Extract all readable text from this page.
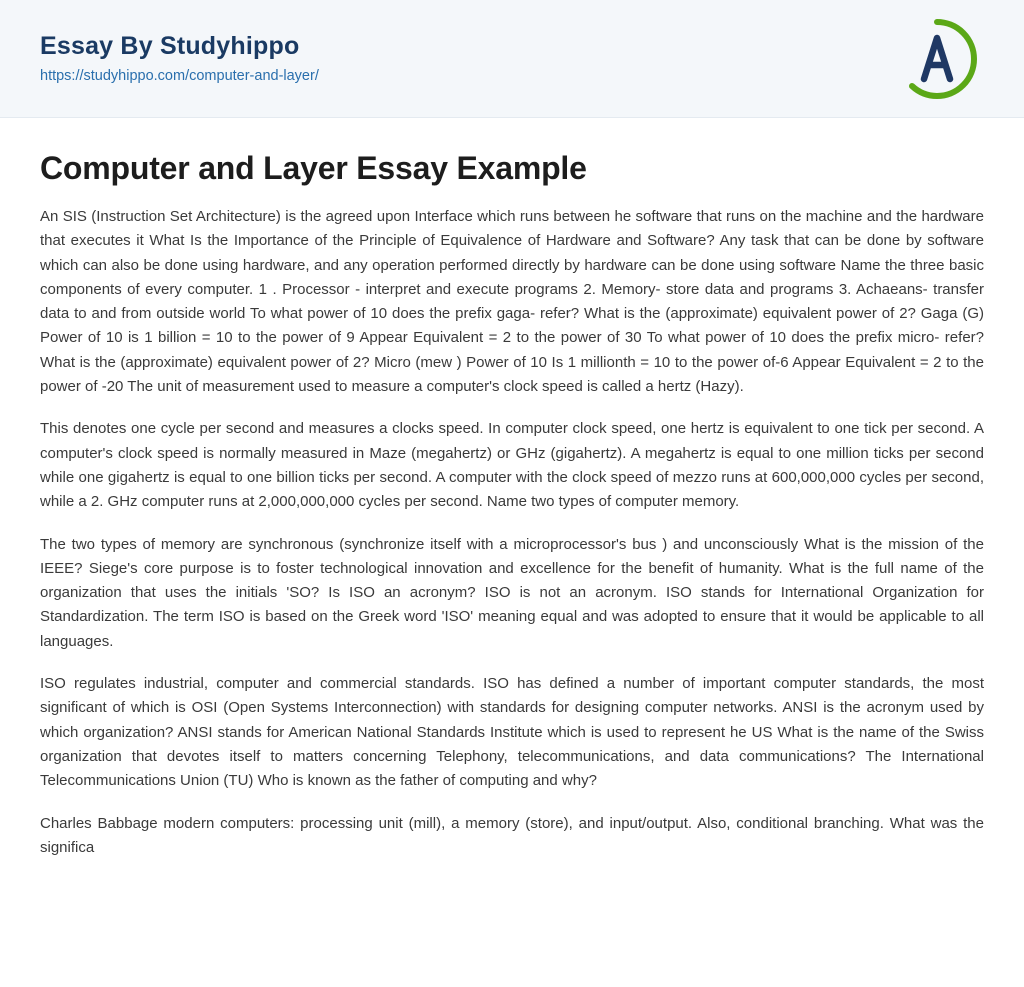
Essay By Studyhippo
https://studyhippo.com/computer-and-layer/
Computer and Layer Essay Example

An SIS (Instruction Set Architecture) is the agreed upon Interface which runs between he software that runs on the machine and the hardware that executes it What Is the Importance of the Principle of Equivalence of Hardware and Software? Any task that can be done by software which can also be done using hardware, and any operation performed directly by hardware can be done using software Name the three basic components of every computer. 1 . Processor - interpret and execute programs 2. Memory- store data and programs 3. Achaeans- transfer data to and from outside world To what power of 10 does the prefix gaga- refer? What is the (approximate) equivalent power of 2? Gaga (G) Power of 10 is 1 billion = 10 to the power of 9 Appear Equivalent = 2 to the power of 30 To what power of 10 does the prefix micro- refer? What is the (approximate) equivalent power of 2? Micro (mew ) Power of 10 Is 1 millionth = 10 to the power of-6 Appear Equivalent = 2 to the power of -20 The unit of measurement used to measure a computer's clock speed is called a hertz (Hazy).

This denotes one cycle per second and measures a clocks speed. In computer clock speed, one hertz is equivalent to one tick per second. A computer's clock speed is normally measured in Maze (megahertz) or GHz (gigahertz). A megahertz is equal to one million ticks per second while one gigahertz is equal to one billion ticks per second. A computer with the clock speed of mezzo runs at 600,000,000 cycles per second, while a 2. GHz computer runs at 2,000,000,000 cycles per second. Name two types of computer memory.

The two types of memory are synchronous (synchronize itself with a microprocessor's bus ) and unconsciously What is the mission of the IEEE? Siege's core purpose is to foster technological innovation and excellence for the benefit of humanity. What is the full name of the organization that uses the initials 'SO? Is ISO an acronym? ISO is not an acronym. ISO stands for International Organization for Standardization. The term ISO is based on the Greek word 'ISO' meaning equal and was adopted to ensure that it would be applicable to all languages.

ISO regulates industrial, computer and commercial standards. ISO has defined a number of important computer standards, the most significant of which is OSI (Open Systems Interconnection) with standards for designing computer networks. ANSI is the acronym used by which organization? ANSI stands for American National Standards Institute which is used to represent he US What is the name of the Swiss organization that devotes itself to matters concerning Telephony, telecommunications, and data communications? The International Telecommunications Union (TU) Who is known as the father of computing and why?

Charles Babbage modern computers: processing unit (mill), a memory (store), and input/output. Also, conditional branching. What was the significa
